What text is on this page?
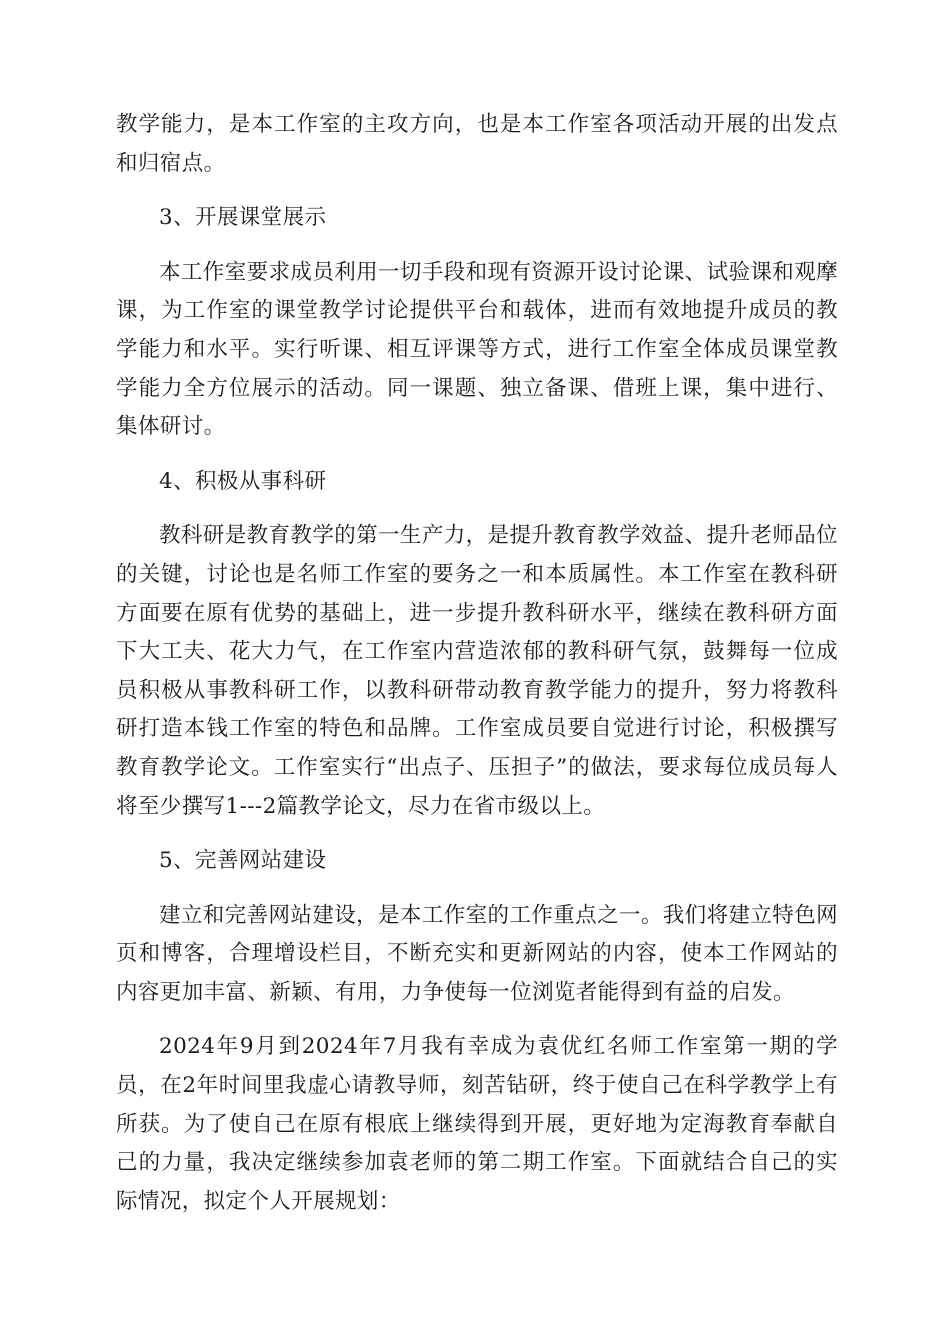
教学能力，是本工作室的主攻方向，也是本工作室各项活动开展的出发点和归宿点。

3、开展课堂展示

本工作室要求成员利用一切手段和现有资源开设讨论课、试验课和观摩课，为工作室的课堂教学讨论提供平台和载体，进而有效地提升成员的教学能力和水平。实行听课、相互评课等方式，进行工作室全体成员课堂教学能力全方位展示的活动。同一课题、独立备课、借班上课，集中进行、集体研讨。

4、积极从事科研

教科研是教育教学的第一生产力，是提升教育教学效益、提升老师品位的关键，讨论也是名师工作室的要务之一和本质属性。本工作室在教科研方面要在原有优势的基础上，进一步提升教科研水平，继续在教科研方面下大工夫、花大力气，在工作室内营造浓郁的教科研气氛，鼓舞每一位成员积极从事教科研工作，以教科研带动教育教学能力的提升，努力将教科研打造本钱工作室的特色和品牌。工作室成员要自觉进行讨论，积极撰写教育教学论文。工作室实行“出点子、压担子”的做法，要求每位成员每人将至少撰写1---2篇教学论文，尽力在省市级以上。

5、完善网站建设

建立和完善网站建设，是本工作室的工作重点之一。我们将建立特色网页和博客，合理增设栏目，不断充实和更新网站的内容，使本工作网站的内容更加丰富、新颖、有用，力争使每一位浏览者能得到有益的启发。

2024年9月到2024年7月我有幸成为袁优红名师工作室第一期的学员，在2年时间里我虚心请教导师，刻苦钻研，终于使自己在科学教学上有所获。为了使自己在原有根底上继续得到开展，更好地为定海教育奉献自己的力量，我决定继续参加袁老师的第二期工作室。下面就结合自己的实际情况，拟定个人开展规划：
